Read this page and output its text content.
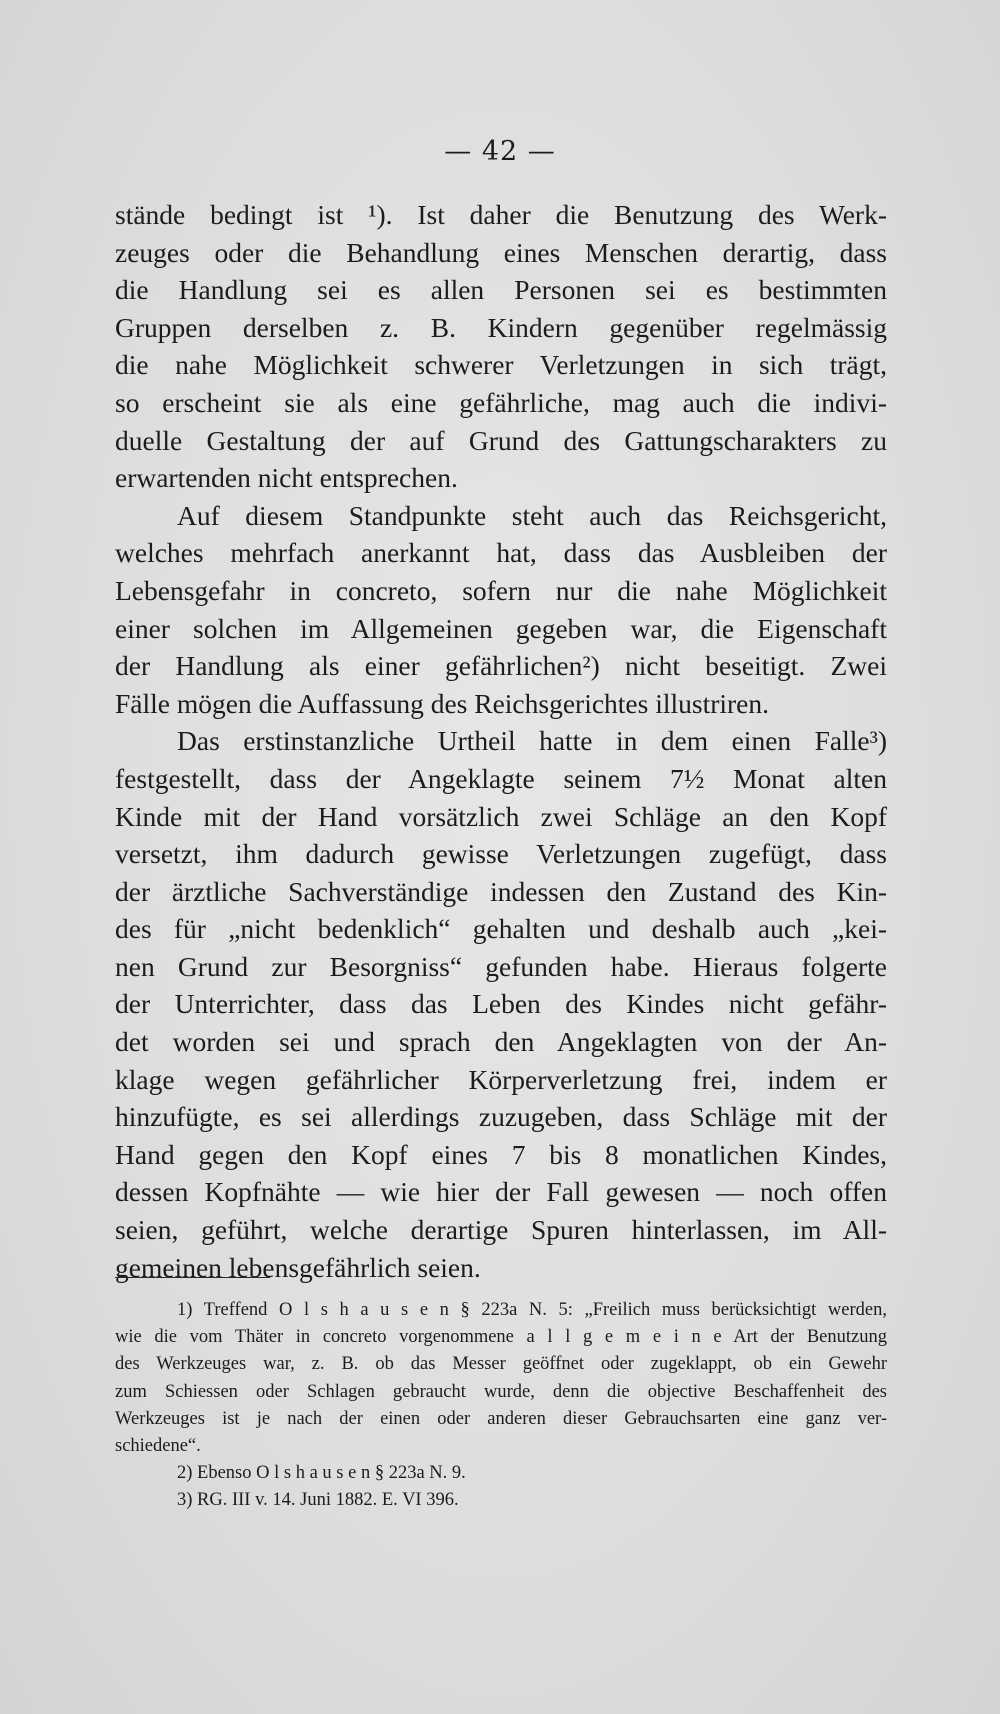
— 42 —
stände bedingt ist ¹). Ist daher die Benutzung des Werk-
zeuges oder die Behandlung eines Menschen derartig, dass
die Handlung sei es allen Personen sei es bestimmten
Gruppen derselben z. B. Kindern gegenüber regelmässig
die nahe Möglichkeit schwerer Verletzungen in sich trägt,
so erscheint sie als eine gefährliche, mag auch die indivi-
duelle Gestaltung der auf Grund des Gattungscharakters zu
erwartenden nicht entsprechen.
Auf diesem Standpunkte steht auch das Reichsgericht,
welches mehrfach anerkannt hat, dass das Ausbleiben der
Lebensgefahr in concreto, sofern nur die nahe Möglichkeit
einer solchen im Allgemeinen gegeben war, die Eigenschaft
der Handlung als einer gefährlichen²) nicht beseitigt. Zwei
Fälle mögen die Auffassung des Reichsgerichtes illustriren.
Das erstinstanzliche Urtheil hatte in dem einen Falle³)
festgestellt, dass der Angeklagte seinem 7½ Monat alten
Kinde mit der Hand vorsätzlich zwei Schläge an den Kopf
versetzt, ihm dadurch gewisse Verletzungen zugefügt, dass
der ärztliche Sachverständige indessen den Zustand des Kin-
des für „nicht bedenklich“ gehalten und deshalb auch „kei-
nen Grund zur Besorgniss“ gefunden habe. Hieraus folgerte
der Unterrichter, dass das Leben des Kindes nicht gefähr-
det worden sei und sprach den Angeklagten von der An-
klage wegen gefährlicher Körperverletzung frei, indem er
hinzufügte, es sei allerdings zuzugeben, dass Schläge mit der
Hand gegen den Kopf eines 7 bis 8 monatlichen Kindes,
dessen Kopfnähte — wie hier der Fall gewesen — noch offen
seien, geführt, welche derartige Spuren hinterlassen, im All-
gemeinen lebensgefährlich seien.
1) Treffend O l s h a u s e n § 223a N. 5: „Freilich muss berücksichtigt werden,
wie die vom Thäter in concreto vorgenommene a l l g e m e i n e Art der Benutzung
des Werkzeuges war, z. B. ob das Messer geöffnet oder zugeklappt, ob ein Gewehr
zum Schiessen oder Schlagen gebraucht wurde, denn die objective Beschaffenheit des
Werkzeuges ist je nach der einen oder anderen dieser Gebrauchsarten eine ganz ver-
schiedene“.
2) Ebenso O l s h a u s e n § 223a N. 9.
3) RG. III v. 14. Juni 1882. E. VI 396.
